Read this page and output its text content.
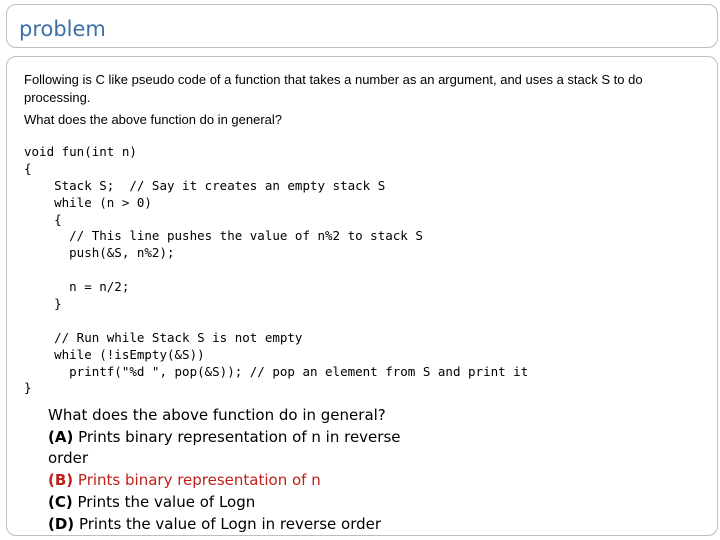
problem

Following is C like pseudo code of a function that takes a number as an argument, and uses a stack S to do processing.

What does the above function do in general?

void fun(int n)
{
Stack S;  // Say it creates an empty stack S
while (n > 0)
{
// This line pushes the value of n%2 to stack S
push(&S, n%2);
n = n/2;
}
// Run while Stack S is not empty
while (!isEmpty(&S))
printf("%d ", pop(&S)); // pop an element from S and print it
}
What does the above function do in general?
(A) Prints binary representation of n in reverse order
(B) Prints binary representation of n
(C) Prints the value of Logn
(D) Prints the value of Logn in reverse order
